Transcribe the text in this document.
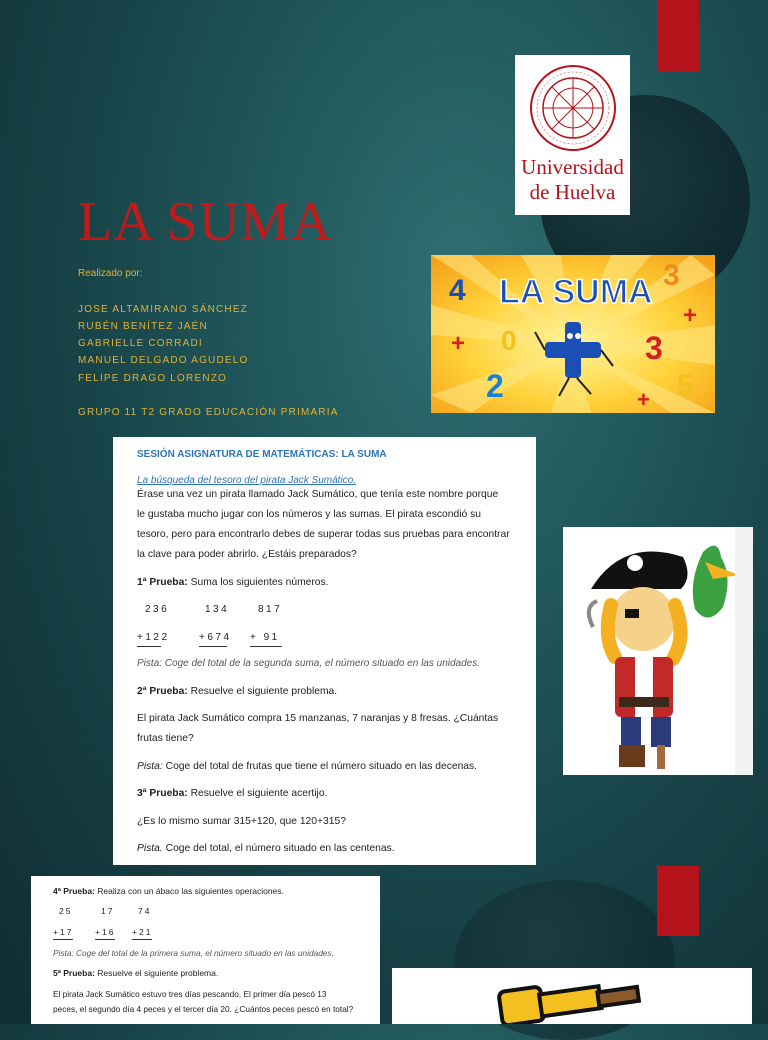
LA SUMA
Realizado por:
JOSE ALTAMIRANO SÁNCHEZ
RUBÉN BENÍTEZ JAÉN
GABRIELLE CORRADI
MANUEL DELGADO AGUDELO
FELIPE DRAGO LORENZO
GRUPO 11 T2 GRADO EDUCACIÓN PRIMARIA
Universidad
de Huelva
LA SUMA
4	3
0	3
2	5
+
+
+
SESIÓN ASIGNATURA DE MATEMÁTICAS: LA SUMA
La búsqueda del tesoro del pirata Jack Sumático.
Érase una vez un pirata llamado Jack Sumático, que tenía este nombre porque
le gustaba mucho jugar con los números y las sumas. El pirata escondió su
tesoro, pero para encontrarlo debes de superar todas sus pruebas para encontrar
la clave para poder abrirlo. ¿Estáis preparados?
1ª Prueba: Suma los siguientes números.
236	134	817
+122	+674 + 91
Pista: Coge del total de la segunda suma, el número situado en las unidades.
2ª Prueba: Resuelve el siguiente problema.
El pirata Jack Sumático compra 15 manzanas, 7 naranjas y 8 fresas. ¿Cuántas
frutas tiene?
Pista: Coge del total de frutas que tiene el número situado en las decenas.
3ª Prueba: Resuelve el siguiente acertijo.
¿Es lo mismo sumar 315+120, que 120+315?
Pista. Coge del total, el número situado en las centenas.
4ª Prueba: Realiza con un ábaco las siguientes operaciones.
25	17	74
+17	+16 +21
Pista: Coge del total de la primera suma, el número situado en las unidades.
5ª Prueba: Resuelve el siguiente problema.
El pirata Jack Sumático estuvo tres días pescando. El primer día pescó 13
peces, el segundo día 4 peces y el tercer día 20. ¿Cuántos peces pescó en total?
